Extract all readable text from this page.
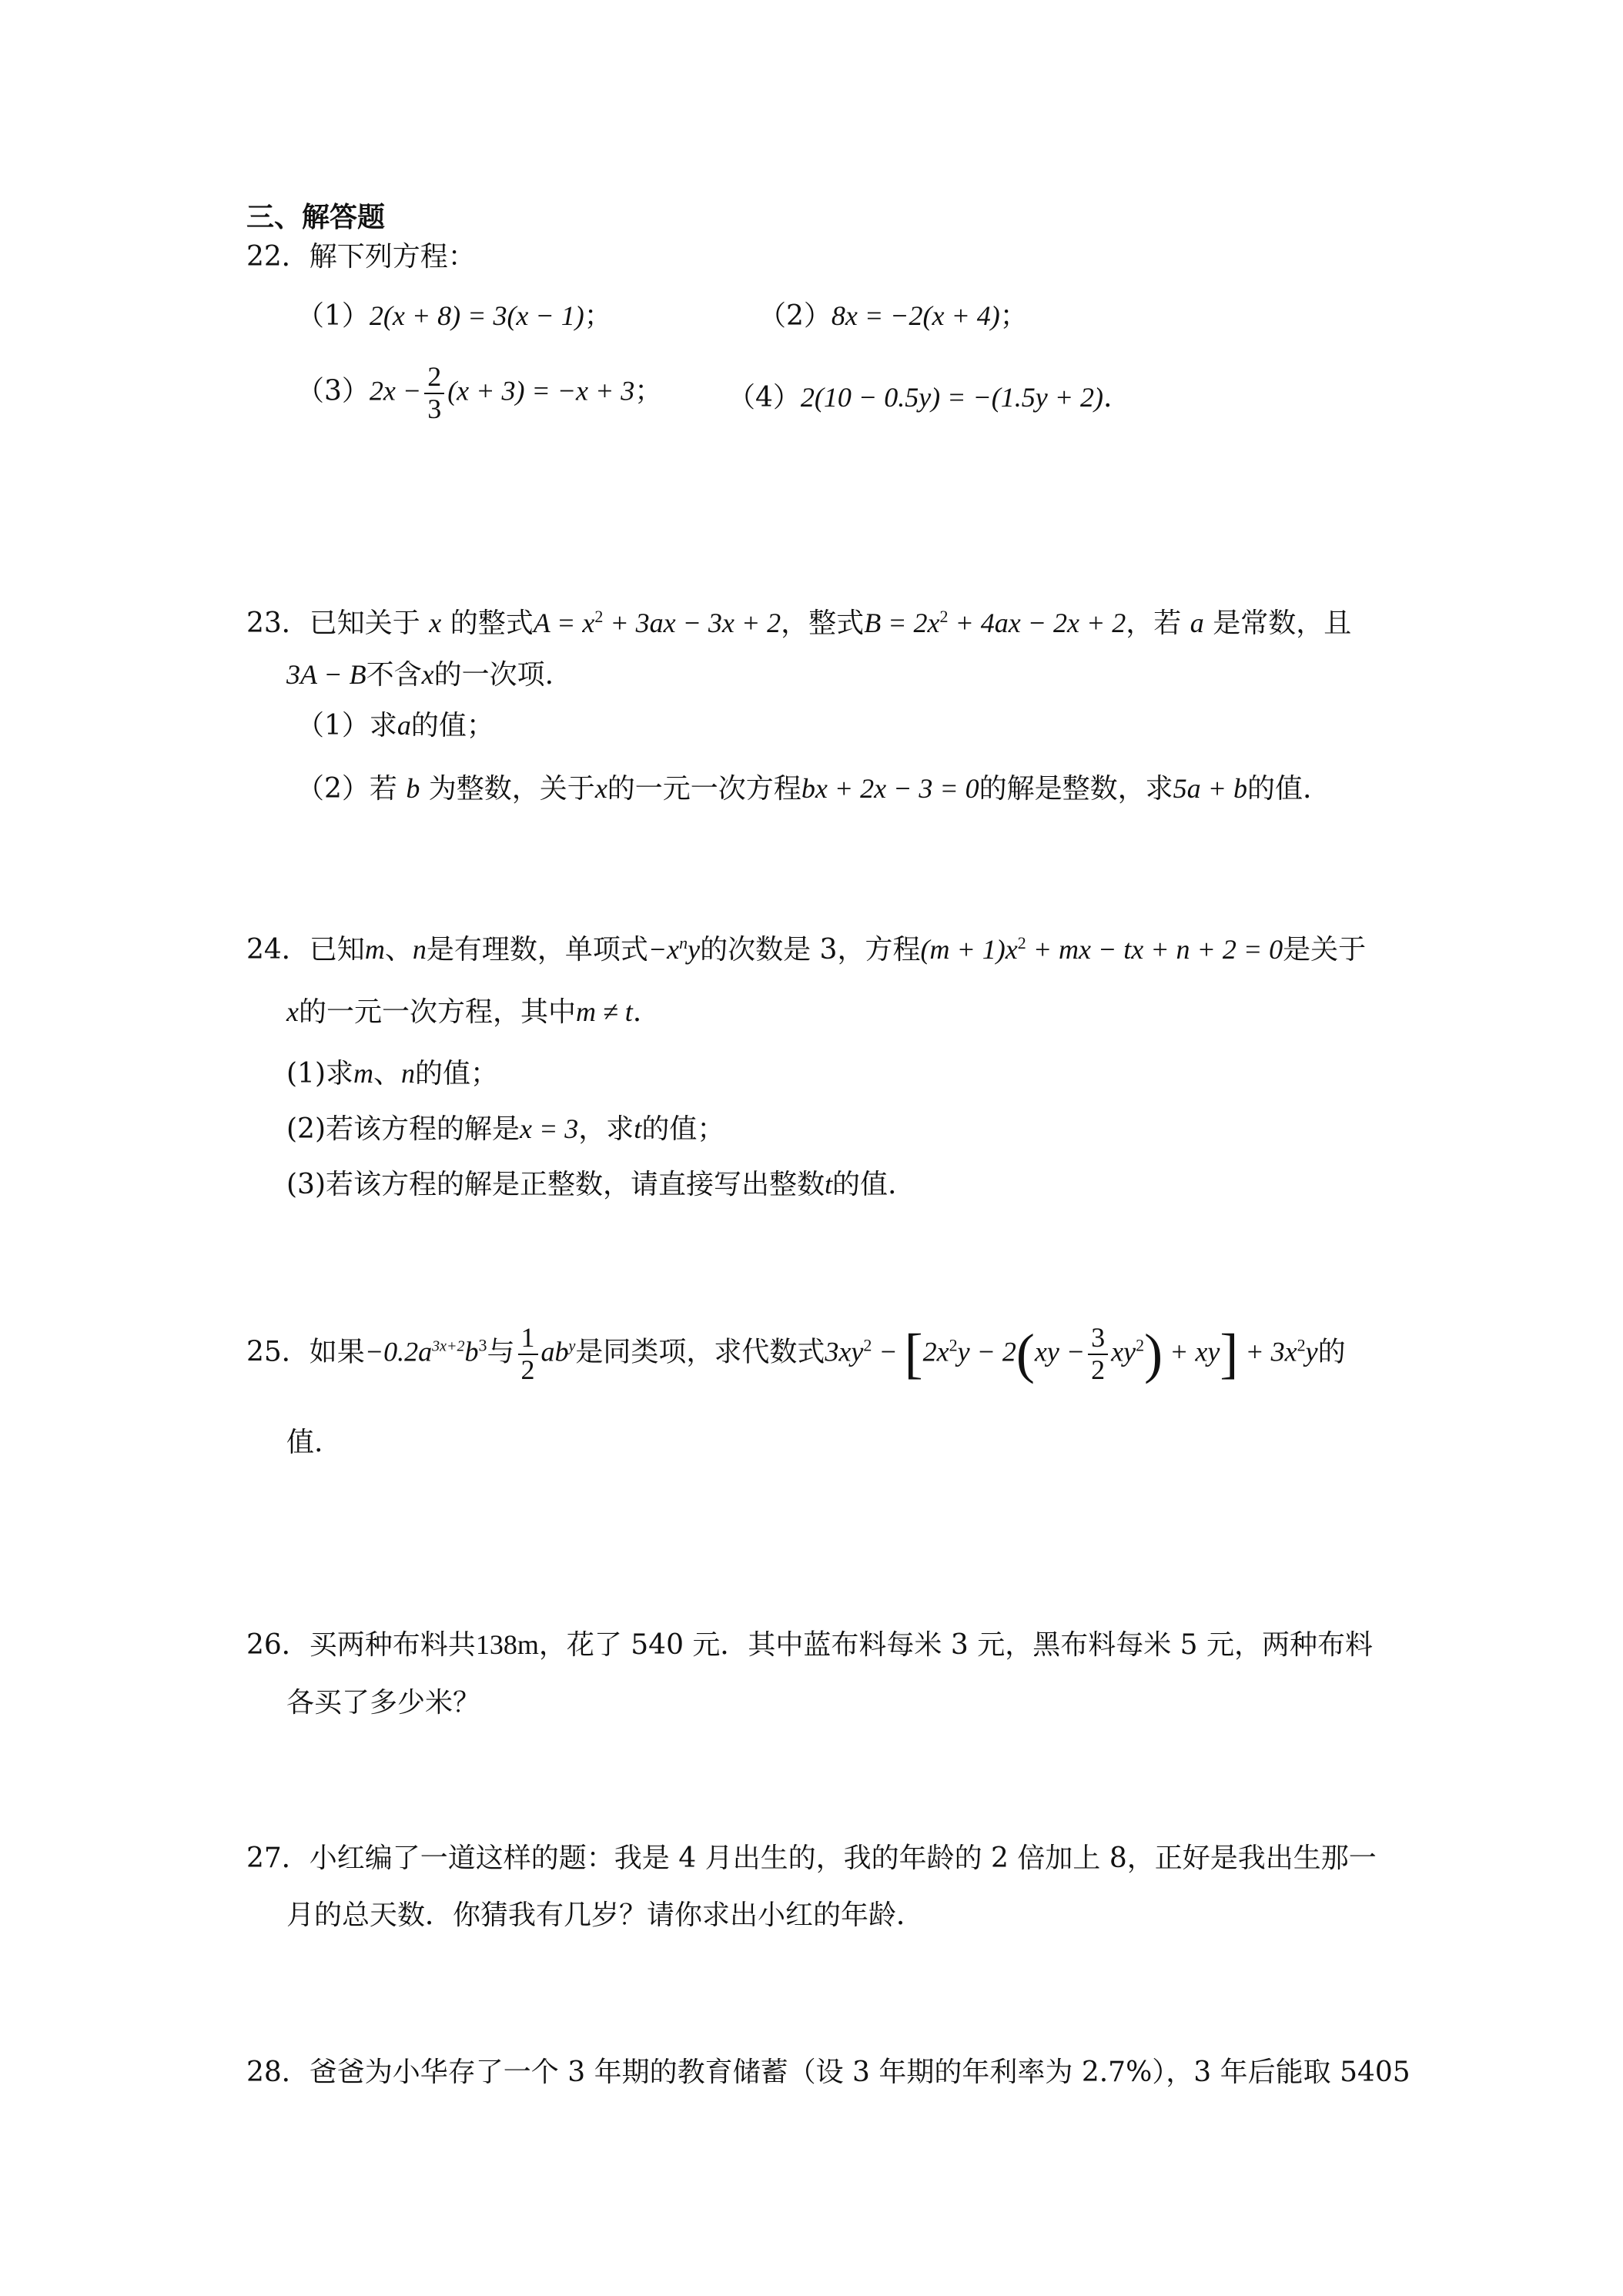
三、解答题
22．解下列方程：
（1）2(x + 8) = 3(x − 1)；	（2）8x = −2(x + 4)；
$(3)2x - \frac{2}{3} (x + 3) = -x + 3$； （4）2(10 − 0.5y) = −(1.5y + 2).
23．已知关于 x 的整式$A = x^2 + 3ax - 3x + 2$，整式$B = 2x^2 + 4ax - 2x + 2$，若 a 是常数，且
3A − B不含x的一次项.
（1）求a的值；
（2）若 b 为整数，关于x的一元一次方程bx + 2x − 3 = 0的解是整数，求5a + b的值.
24．已知m、n是有理数，单项式$-x^ny$的次数是 3，方程$(m + 1)x^2$ + mx − tx + n + 2 = 0是关于
x的一元一次方程，其中m ≠ t.
(1)求m、n的值；
(2)若该方程的解是x = 3，求t的值；
(3)若该方程的解是正整数，请直接写出整数t的值.
25．如果$-0.2a^{3x+2}b^3$与 $\frac{1}{2} ab^y$是同类项，求代数式$3xy^2 - [2x^2y - 2(xy - \frac{3}{2} xy^2) + xy] + 3x^2y$的
值.
26．买两种布料共138m，花了 540 元．其中蓝布料每米 3 元，黑布料每米 5 元，两种布料
各买了多少米？
27．小红编了一道这样的题：我是 4 月出生的，我的年龄的 2 倍加上 8，正好是我出生那一
月的总天数．你猜我有几岁？请你求出小红的年龄．
28．爸爸为小华存了一个 3 年期的教育储蓄（设 3 年期的年利率为 2.7%），3 年后能取 5405
